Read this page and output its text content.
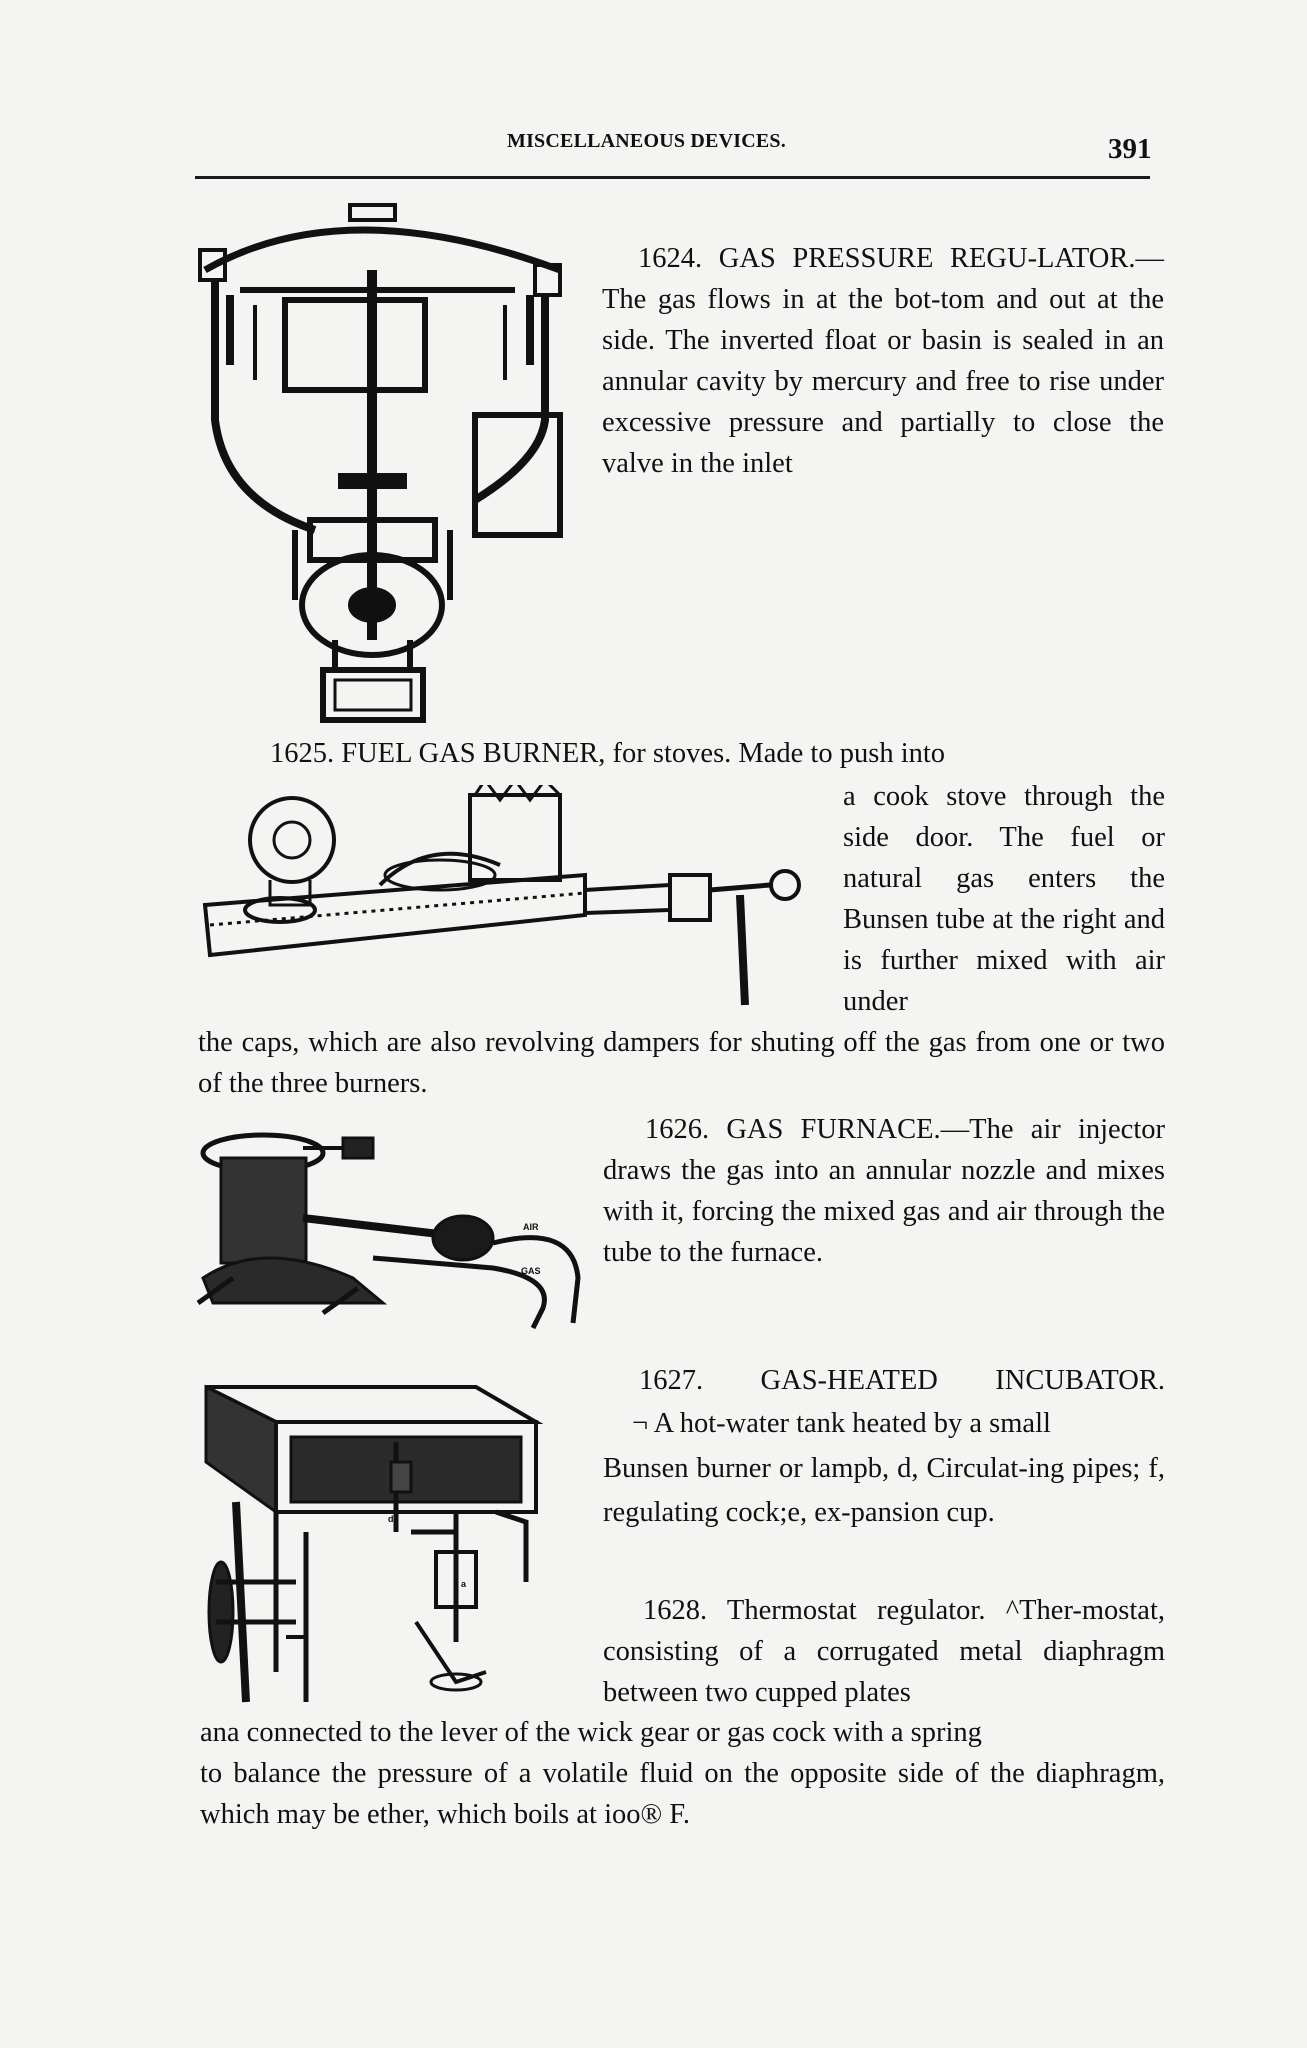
MISCELLANEOUS DEVICES.	391

1624. GAS PRESSURE REGU-LATOR.—The gas flows in at the bot-tom and out at the side. The inverted float or basin is sealed in an annular cavity by mercury and free to rise under excessive pressure and partially to close the valve in the inlet

1625. FUEL GAS BURNER, for stoves. Made to push into

a cook stove through the side door. The fuel or natural gas enters the Bunsen tube at the right and is further mixed with air under

the caps, which are also revolving dampers for shuting off the gas from one or two of the three burners.

AIR
GAS

1626. GAS FURNACE.—The air injector draws the gas into an annular nozzle and mixes with it, forcing the mixed gas and air through the tube to the furnace.

d
a

1627. GAS-HEATED INCUBATOR.

¬ A hot-water tank heated by a small

Bunsen burner or lampb, d, Circulat-ing pipes; f, regulating cock;e, ex-pansion cup.

1628. Thermostat regulator. ^Ther-mostat, consisting of a corrugated metal diaphragm between two cupped plates

ana connected to the lever of the wick gear or gas cock with a spring

to balance the pressure of a volatile fluid on the opposite side of the diaphragm, which may be ether, which boils at ioo® F.
